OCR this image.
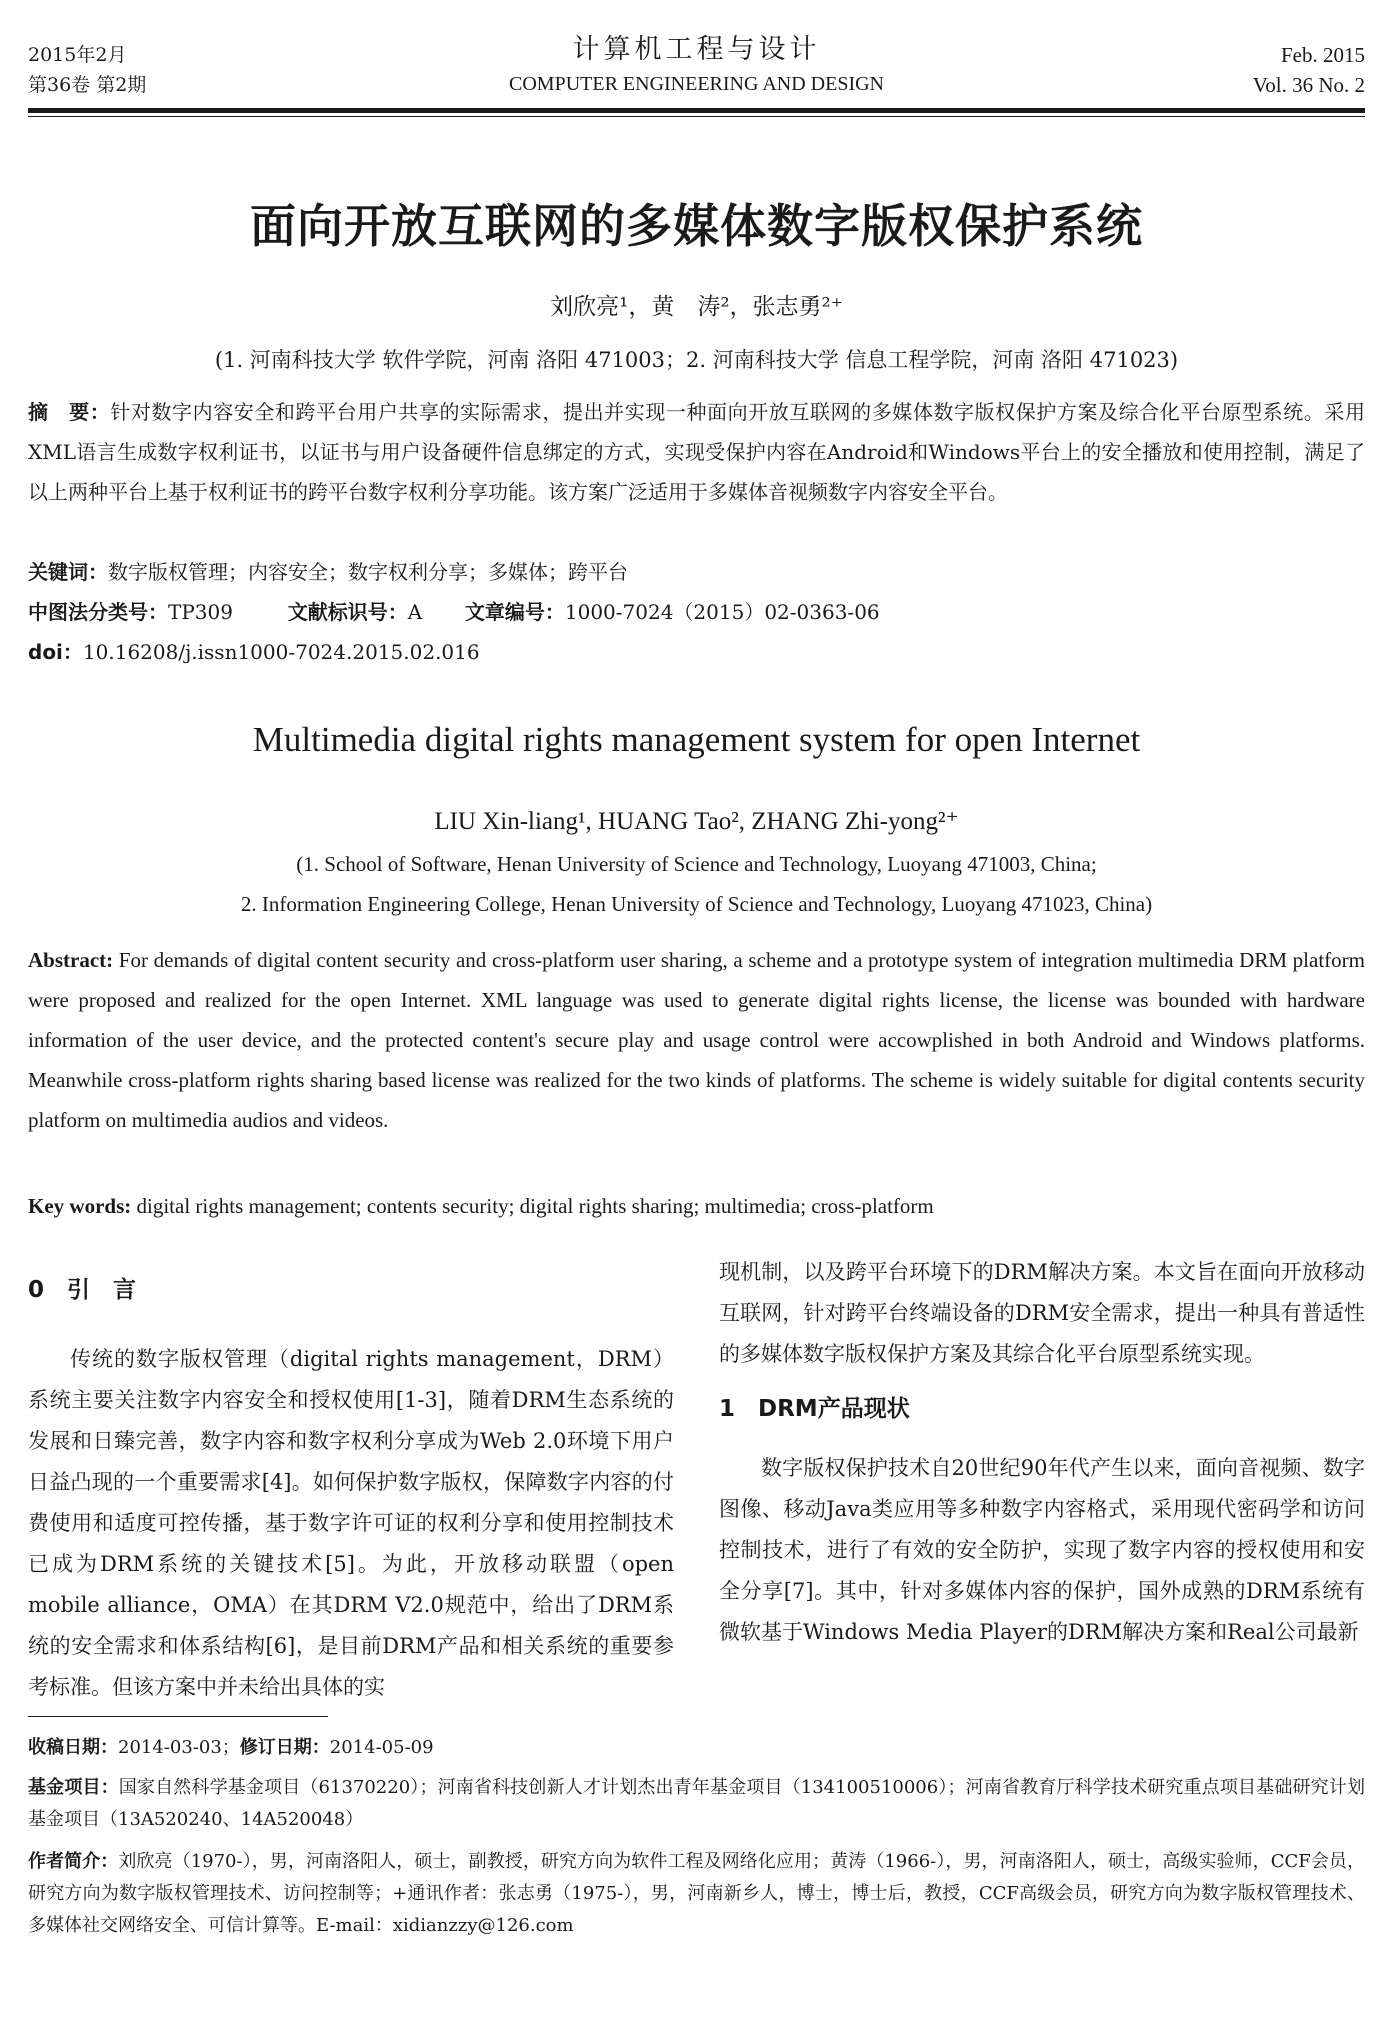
2015年2月
第36卷 第2期
计算机工程与设计
COMPUTER ENGINEERING AND DESIGN
Feb. 2015
Vol. 36 No. 2
面向开放互联网的多媒体数字版权保护系统
刘欣亮¹，黄　涛²，张志勇²⁺
(1. 河南科技大学 软件学院，河南 洛阳 471003；2. 河南科技大学 信息工程学院，河南 洛阳 471023)
摘　要：针对数字内容安全和跨平台用户共享的实际需求，提出并实现一种面向开放互联网的多媒体数字版权保护方案及综合化平台原型系统。采用XML语言生成数字权利证书，以证书与用户设备硬件信息绑定的方式，实现受保护内容在Android和Windows平台上的安全播放和使用控制，满足了以上两种平台上基于权利证书的跨平台数字权利分享功能。该方案广泛适用于多媒体音视频数字内容安全平台。
关键词：数字版权管理；内容安全；数字权利分享；多媒体；跨平台
中图法分类号：TP309	文献标识号：A 文章编号：1000-7024（2015）02-0363-06
doi：10.16208/j.issn1000-7024.2015.02.016
Multimedia digital rights management system for open Internet
LIU Xin-liang¹, HUANG Tao², ZHANG Zhi-yong²⁺
(1. School of Software, Henan University of Science and Technology, Luoyang 471003, China;
2. Information Engineering College, Henan University of Science and Technology, Luoyang 471023, China)
Abstract: For demands of digital content security and cross-platform user sharing, a scheme and a prototype system of integration multimedia DRM platform were proposed and realized for the open Internet. XML language was used to generate digital rights license, the license was bounded with hardware information of the user device, and the protected content's secure play and usage control were accowplished in both Android and Windows platforms. Meanwhile cross-platform rights sharing based license was realized for the two kinds of platforms. The scheme is widely suitable for digital contents security platform on multimedia audios and videos.
Key words: digital rights management; contents security; digital rights sharing; multimedia; cross-platform
0　引　言
传统的数字版权管理（digital rights management，DRM）系统主要关注数字内容安全和授权使用[1-3]，随着DRM生态系统的发展和日臻完善，数字内容和数字权利分享成为Web 2.0环境下用户日益凸现的一个重要需求[4]。如何保护数字版权，保障数字内容的付费使用和适度可控传播，基于数字许可证的权利分享和使用控制技术已成为DRM系统的关键技术[5]。为此，开放移动联盟（open mobile alliance，OMA）在其DRM V2.0规范中，给出了DRM系统的安全需求和体系结构[6]，是目前DRM产品和相关系统的重要参考标准。但该方案中并未给出具体的实
现机制，以及跨平台环境下的DRM解决方案。本文旨在面向开放移动互联网，针对跨平台终端设备的DRM安全需求，提出一种具有普适性的多媒体数字版权保护方案及其综合化平台原型系统实现。
1　DRM产品现状
数字版权保护技术自20世纪90年代产生以来，面向音视频、数字图像、移动Java类应用等多种数字内容格式，采用现代密码学和访问控制技术，进行了有效的安全防护，实现了数字内容的授权使用和安全分享[7]。其中，针对多媒体内容的保护，国外成熟的DRM系统有微软基于Windows Media Player的DRM解决方案和Real公司最新
收稿日期：2014-03-03；修订日期：2014-05-09
基金项目：国家自然科学基金项目（61370220）；河南省科技创新人才计划杰出青年基金项目（134100510006）；河南省教育厅科学技术研究重点项目基础研究计划基金项目（13A520240、14A520048）
作者简介：刘欣亮（1970-），男，河南洛阳人，硕士，副教授，研究方向为软件工程及网络化应用；黄涛（1966-），男，河南洛阳人，硕士，高级实验师，CCF会员，研究方向为数字版权管理技术、访问控制等；+通讯作者：张志勇（1975-），男，河南新乡人，博士，博士后，教授，CCF高级会员，研究方向为数字版权管理技术、多媒体社交网络安全、可信计算等。E-mail：xidianzzy@126.com
